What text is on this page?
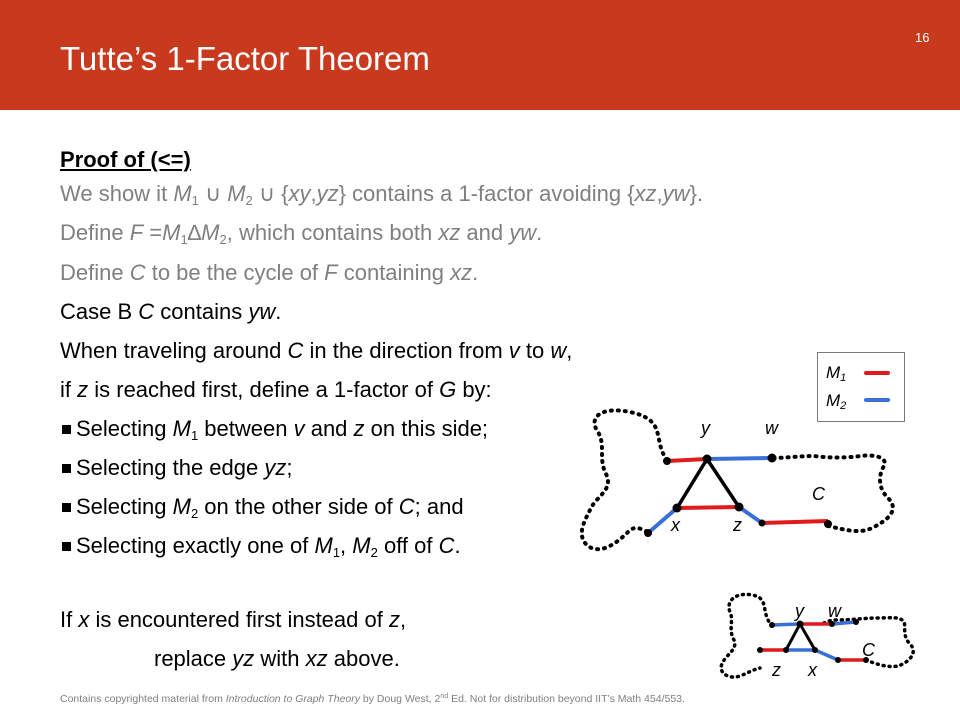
Tutte’s 1-Factor Theorem
16
Proof of (<=)
We show it $M_1$ ∪ $M_2$ ∪ {xy,yz} contains a 1-factor avoiding {xz,yw}.
Define $F =M_1\Delta M_2$, which contains both xz and yw.
Define C to be the cycle of F containing xz.
Case B C contains yw.
When traveling around C in the direction from v to w,
if z is reached first, define a 1-factor of G by:
Selecting $M_1$ between v and z on this side;
Selecting the edge yz;
Selecting $M_2$ on the other side of C; and
Selecting exactly one of $M_1$, $M_2$ off of C.
If x is encountered first instead of z,
replace yz with xz above.
$M_1$
$M_2$
y	w
x	z
C
y w
z x
C
Contains copyrighted material from Introduction to Graph Theory by Doug West, 2nd Ed. Not for distribution beyond IIT’s Math 454/553.
